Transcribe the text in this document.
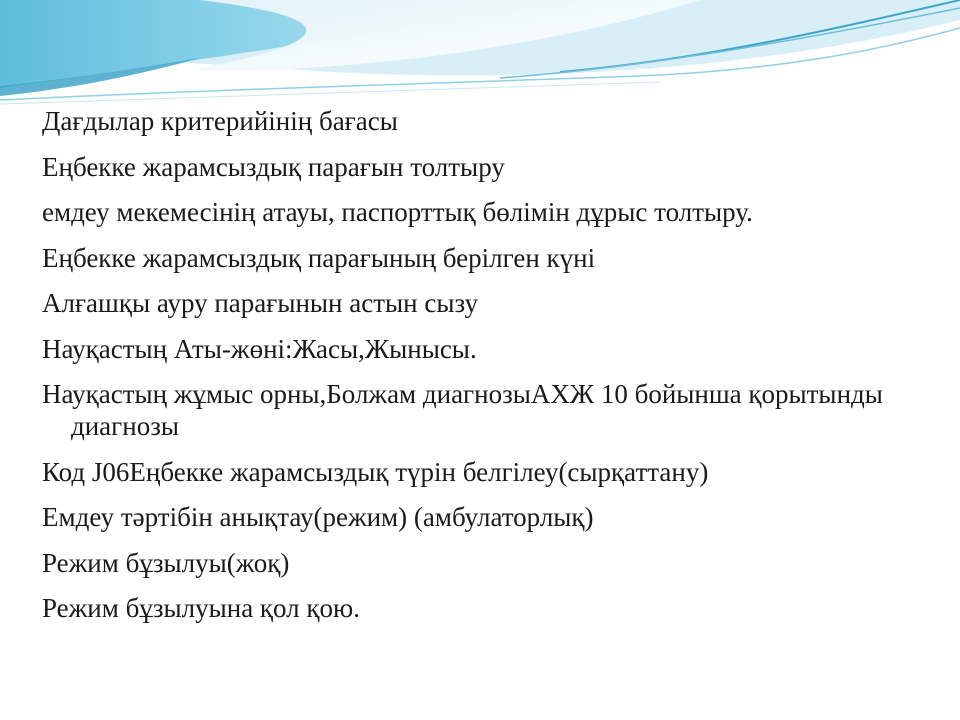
Дағдылар критерийінің бағасы
Еңбекке жарамсыздық парағын толтыру
емдеу мекемесінің атауы, паспорттық бөлімін дұрыс толтыру.
Еңбекке жарамсыздық парағының берілген күні
Алғашқы ауру парағынын астын сызу
Науқастың Аты-жөні:Жасы,Жынысы.
Науқастың жұмыс орны,Болжам диагнозыАХЖ 10 бойынша қорытынды диагнозы
Код J06Еңбекке жарамсыздық түрін белгілеу(сырқаттану)
Емдеу тәртібін анықтау(режим) (амбулаторлық)
Режим бұзылуы(жоқ)
Режим бұзылуына қол қою.
